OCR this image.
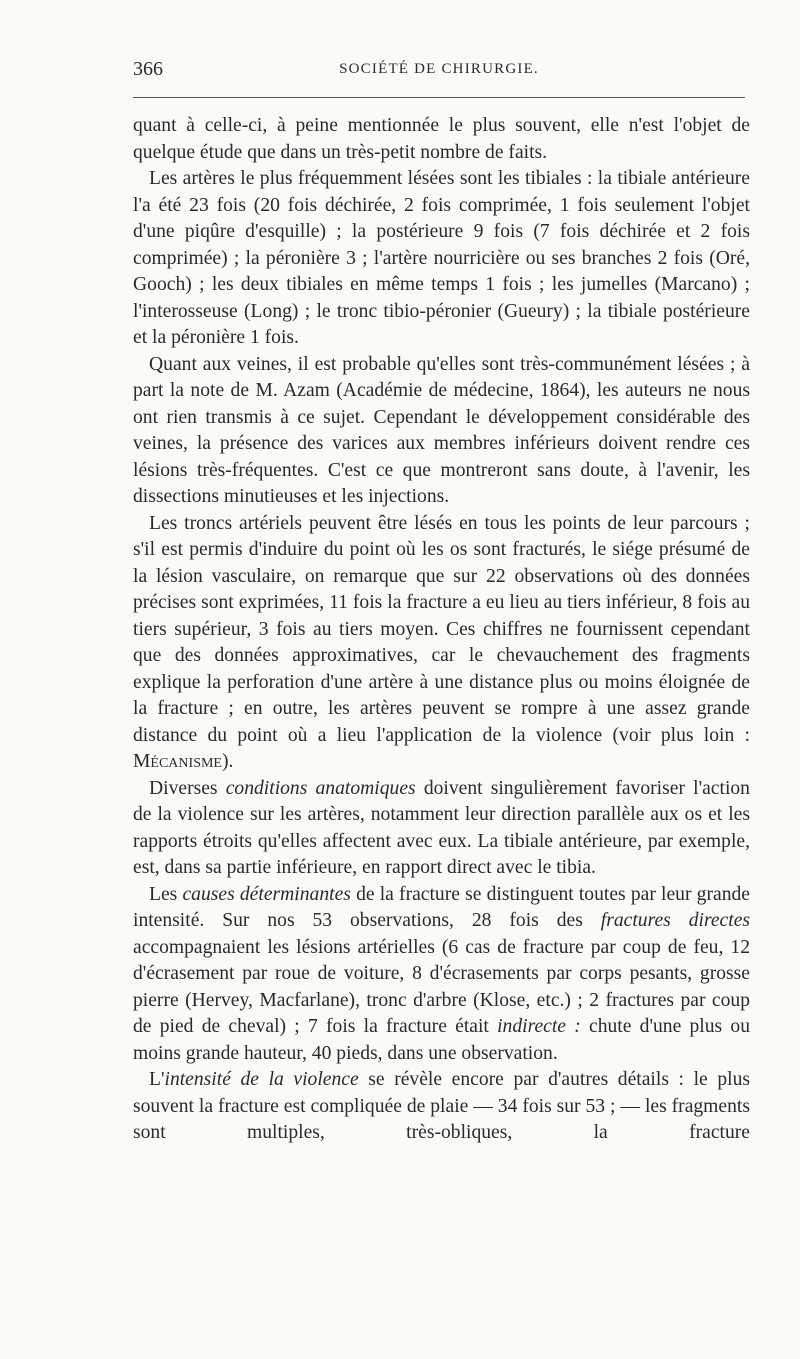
366	SOCIÉTÉ DE CHIRURGIE.

quant à celle-ci, à peine mentionnée le plus souvent, elle n'est l'objet de quelque étude que dans un très-petit nombre de faits.

Les artères le plus fréquemment lésées sont les tibiales : la tibiale antérieure l'a été 23 fois (20 fois déchirée, 2 fois comprimée, 1 fois seulement l'objet d'une piqûre d'esquille) ; la postérieure 9 fois (7 fois déchirée et 2 fois comprimée) ; la péronière 3 ; l'artère nourricière ou ses branches 2 fois (Oré, Gooch) ; les deux tibiales en même temps 1 fois ; les jumelles (Marcano) ; l'interosseuse (Long) ; le tronc tibio-péronier (Gueury) ; la tibiale postérieure et la péronière 1 fois.

Quant aux veines, il est probable qu'elles sont très-communément lésées ; à part la note de M. Azam (Académie de médecine, 1864), les auteurs ne nous ont rien transmis à ce sujet. Cependant le développement considérable des veines, la présence des varices aux membres inférieurs doivent rendre ces lésions très-fréquentes. C'est ce que montreront sans doute, à l'avenir, les dissections minutieuses et les injections.

Les troncs artériels peuvent être lésés en tous les points de leur parcours ; s'il est permis d'induire du point où les os sont fracturés, le siége présumé de la lésion vasculaire, on remarque que sur 22 observations où des données précises sont exprimées, 11 fois la fracture a eu lieu au tiers inférieur, 8 fois au tiers supérieur, 3 fois au tiers moyen. Ces chiffres ne fournissent cependant que des données approximatives, car le chevauchement des fragments explique la perforation d'une artère à une distance plus ou moins éloignée de la fracture ; en outre, les artères peuvent se rompre à une assez grande distance du point où a lieu l'application de la violence (voir plus loin : Mécanisme).

Diverses conditions anatomiques doivent singulièrement favoriser l'action de la violence sur les artères, notamment leur direction parallèle aux os et les rapports étroits qu'elles affectent avec eux. La tibiale antérieure, par exemple, est, dans sa partie inférieure, en rapport direct avec le tibia.

Les causes déterminantes de la fracture se distinguent toutes par leur grande intensité. Sur nos 53 observations, 28 fois des fractures directes accompagnaient les lésions artérielles (6 cas de fracture par coup de feu, 12 d'écrasement par roue de voiture, 8 d'écrasements par corps pesants, grosse pierre (Hervey, Macfarlane), tronc d'arbre (Klose, etc.) ; 2 fractures par coup de pied de cheval) ; 7 fois la fracture était indirecte : chute d'une plus ou moins grande hauteur, 40 pieds, dans une observation.

L'intensité de la violence se révèle encore par d'autres détails : le plus souvent la fracture est compliquée de plaie — 34 fois sur 53 ; — les fragments sont multiples, très-obliques, la fracture
